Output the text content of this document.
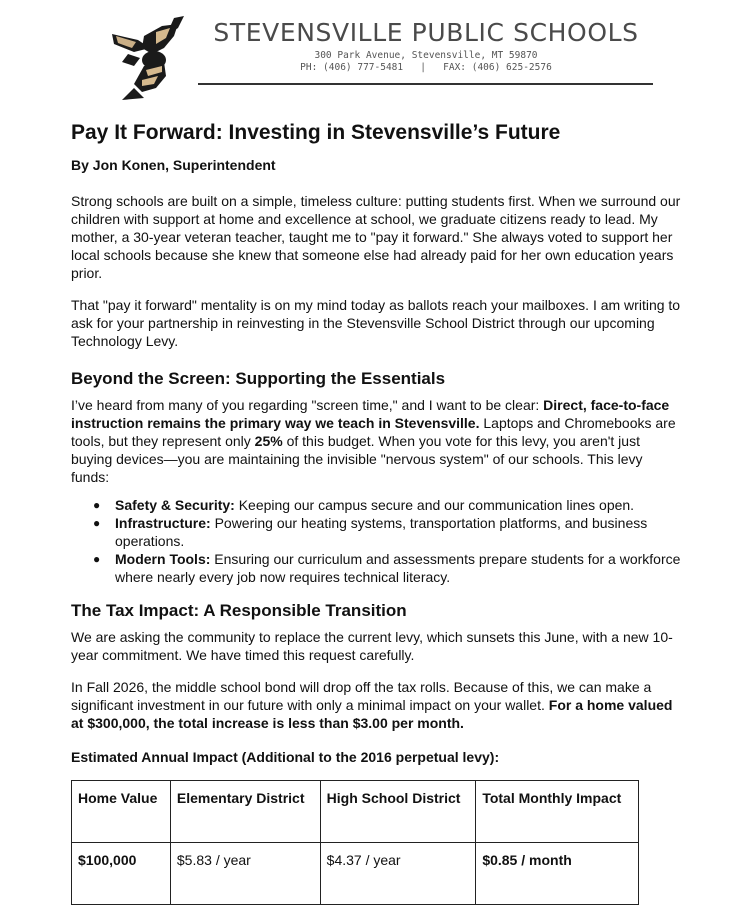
STEVENSVILLE PUBLIC SCHOOLS
300 Park Avenue, Stevensville, MT 59870
PH: (406) 777-5481   |   FAX: (406) 625-2576
Pay It Forward: Investing in Stevensville’s Future
By Jon Konen, Superintendent

Strong schools are built on a simple, timeless culture: putting students first. When we surround our children with support at home and excellence at school, we graduate citizens ready to lead. My mother, a 30-year veteran teacher, taught me to "pay it forward." She always voted to support her local schools because she knew that someone else had already paid for her own education years prior.

That "pay it forward" mentality is on my mind today as ballots reach your mailboxes. I am writing to ask for your partnership in reinvesting in the Stevensville School District through our upcoming Technology Levy.

Beyond the Screen: Supporting the Essentials

I’ve heard from many of you regarding "screen time," and I want to be clear: Direct, face-to-face instruction remains the primary way we teach in Stevensville. Laptops and Chromebooks are tools, but they represent only 25% of this budget. When you vote for this levy, you aren't just buying devices—you are maintaining the invisible "nervous system" of our schools. This levy funds:

● Safety & Security: Keeping our campus secure and our communication lines open.
● Infrastructure: Powering our heating systems, transportation platforms, and business operations.
● Modern Tools: Ensuring our curriculum and assessments prepare students for a workforce where nearly every job now requires technical literacy.
The Tax Impact: A Responsible Transition

We are asking the community to replace the current levy, which sunsets this June, with a new 10-year commitment. We have timed this request carefully.

In Fall 2026, the middle school bond will drop off the tax rolls. Because of this, we can make a significant investment in our future with only a minimal impact on your wallet. For a home valued at $300,000, the total increase is less than $3.00 per month.

Estimated Annual Impact (Additional to the 2016 perpetual levy):
Home Value	Elementary District	High School District	Total Monthly Impact
$100,000	$5.83 / year	$4.37 / year	$0.85 / month
